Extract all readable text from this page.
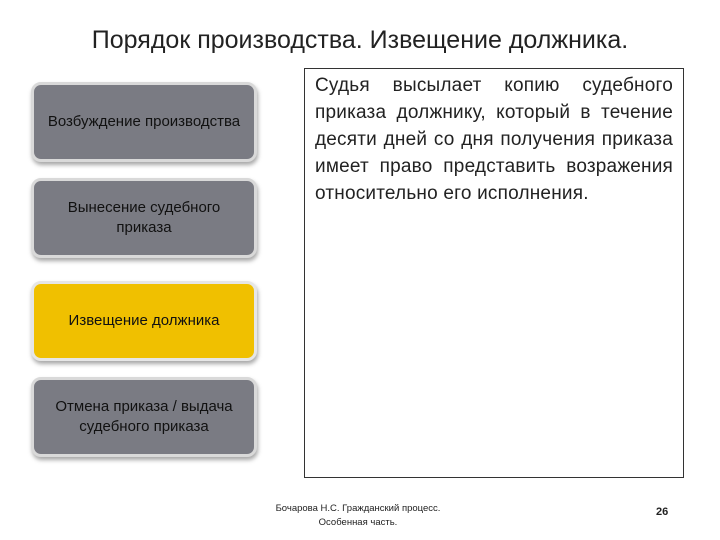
Порядок производства. Извещение должника.
Возбуждение производства
Вынесение судебного приказа
Извещение должника
Отмена приказа / выдача судебного приказа
Судья высылает копию судебного приказа должнику, который в течение десяти дней со дня получения приказа имеет право представить возражения относительно его исполнения.
Бочарова Н.С. Гражданский процесс.
Особенная часть.
26
